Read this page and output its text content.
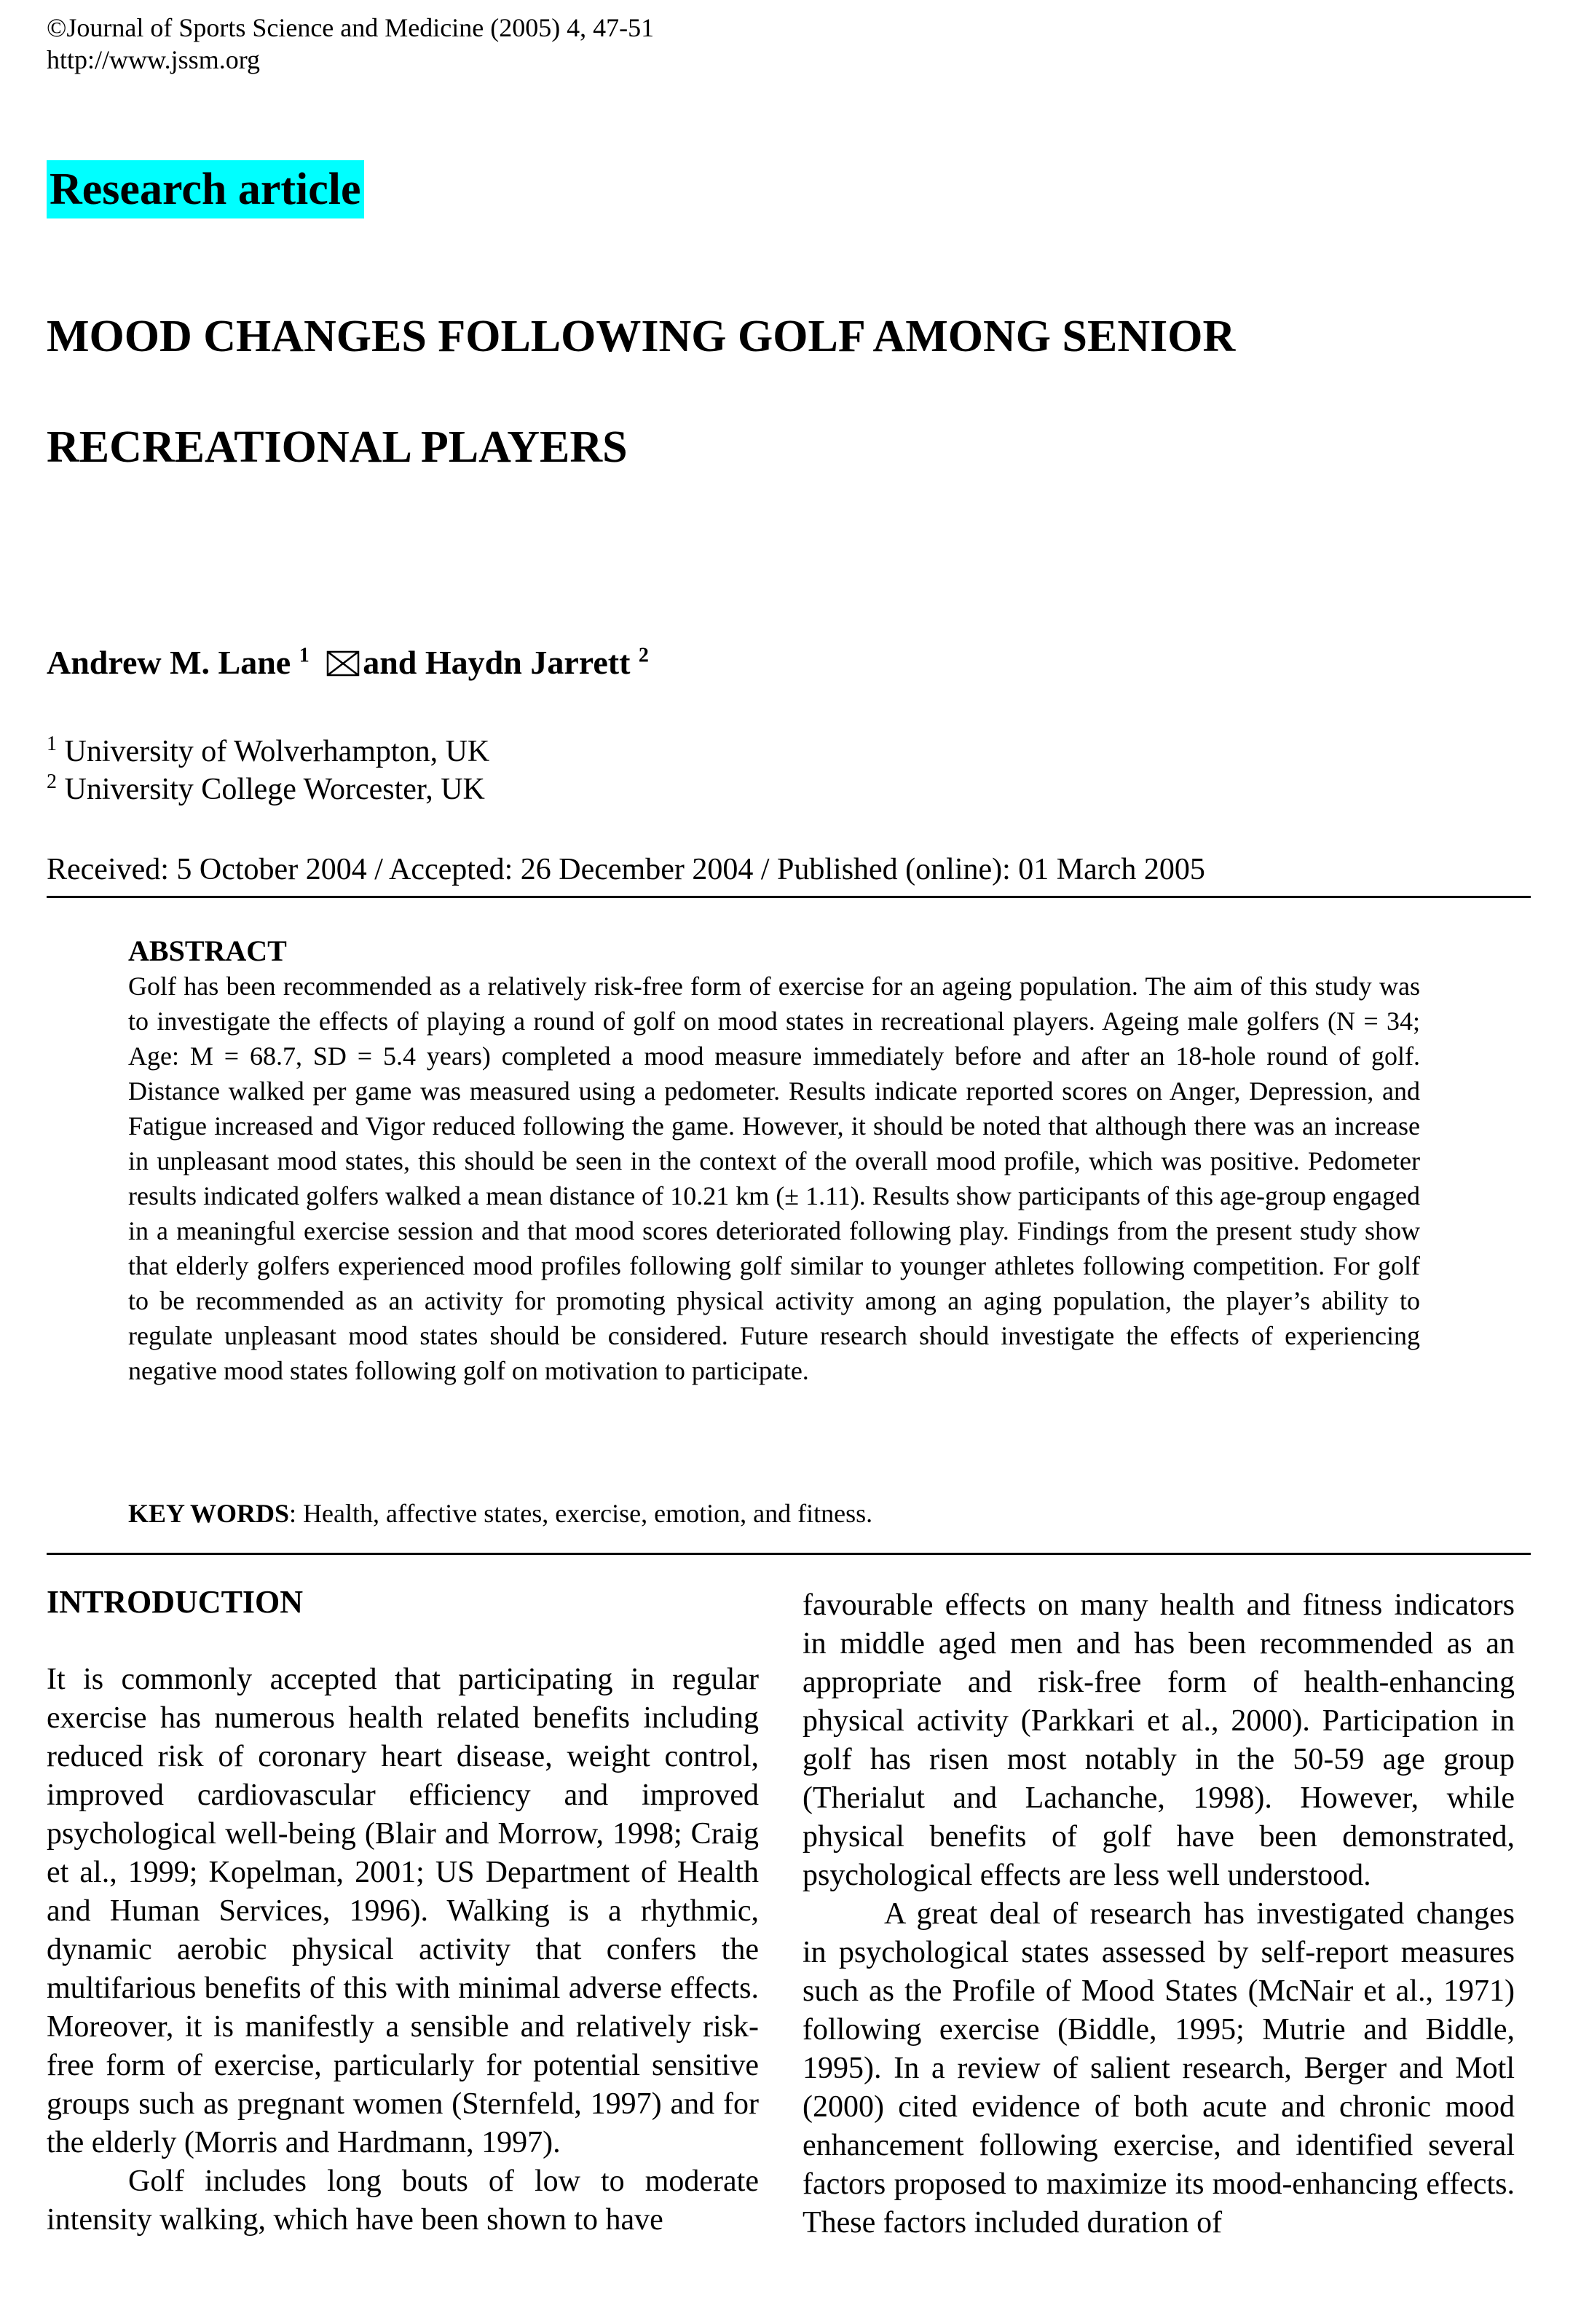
©Journal of Sports Science and Medicine (2005) 4, 47-51
http://www.jssm.org
Research article
MOOD CHANGES FOLLOWING GOLF AMONG SENIOR
RECREATIONAL PLAYERS
Andrew M. Lane $^1$ and Haydn Jarrett $^2$
$^1$ University of Wolverhampton, UK
$^2$ University College Worcester, UK
Received: 5 October 2004 / Accepted: 26 December 2004 / Published (online): 01 March 2005
ABSTRACT

Golf has been recommended as a relatively risk-free form of exercise for an ageing population. The aim of this study was to investigate the effects of playing a round of golf on mood states in recreational players. Ageing male golfers (N = 34; Age: M = 68.7, SD = 5.4 years) completed a mood measure immediately before and after an 18-hole round of golf. Distance walked per game was measured using a pedometer. Results indicate reported scores on Anger, Depression, and Fatigue increased and Vigor reduced following the game. However, it should be noted that although there was an increase in unpleasant mood states, this should be seen in the context of the overall mood profile, which was positive. Pedometer results indicated golfers walked a mean distance of 10.21 km (± 1.11). Results show participants of this age-group engaged in a meaningful exercise session and that mood scores deteriorated following play. Findings from the present study show that elderly golfers experienced mood profiles following golf similar to younger athletes following competition. For golf to be recommended as an activity for promoting physical activity among an aging population, the player’s ability to regulate unpleasant mood states should be considered. Future research should investigate the effects of experiencing negative mood states following golf on motivation to participate.

KEY WORDS: Health, affective states, exercise, emotion, and fitness.
INTRODUCTION

It is commonly accepted that participating in regular exercise has numerous health related benefits including reduced risk of coronary heart disease, weight control, improved cardiovascular efficiency and improved psychological well-being (Blair and Morrow, 1998; Craig et al., 1999; Kopelman, 2001; US Department of Health and Human Services, 1996). Walking is a rhythmic, dynamic aerobic physical activity that confers the multifarious benefits of this with minimal adverse effects. Moreover, it is manifestly a sensible and relatively risk-free form of exercise, particularly for potential sensitive groups such as pregnant women (Sternfeld, 1997) and for the elderly (Morris and Hardmann, 1997).

Golf includes long bouts of low to moderate intensity walking, which have been shown to have

favourable effects on many health and fitness indicators in middle aged men and has been recommended as an appropriate and risk-free form of health-enhancing physical activity (Parkkari et al., 2000). Participation in golf has risen most notably in the 50-59 age group (Therialut and Lachanche, 1998). However, while physical benefits of golf have been demonstrated, psychological effects are less well understood.

A great deal of research has investigated changes in psychological states assessed by self-report measures such as the Profile of Mood States (McNair et al., 1971) following exercise (Biddle, 1995; Mutrie and Biddle, 1995). In a review of salient research, Berger and Motl (2000) cited evidence of both acute and chronic mood enhancement following exercise, and identified several factors proposed to maximize its mood-enhancing effects. These factors included duration of
